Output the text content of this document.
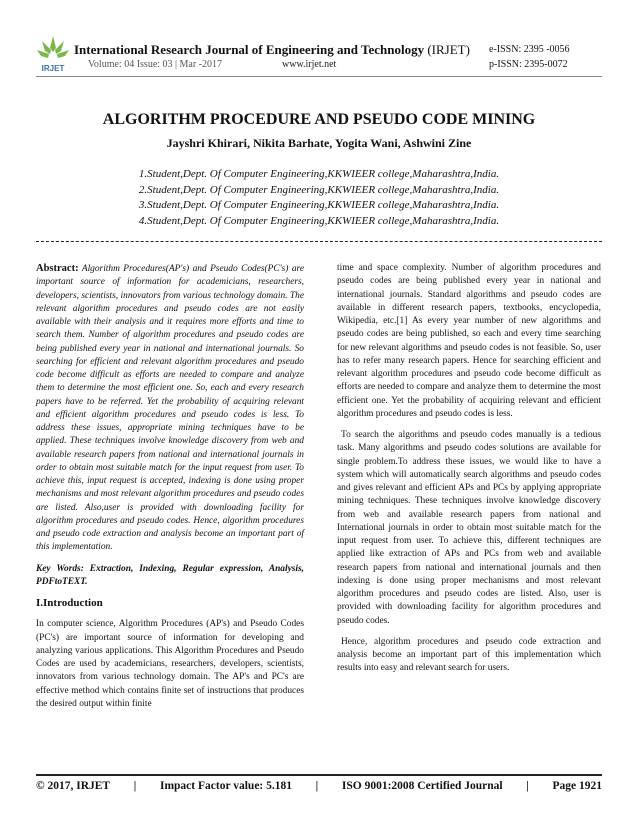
IRJET
International Research Journal of Engineering and Technology (IRJET)
Volume: 04 Issue: 03 | Mar -2017	www.irjet.net
e-ISSN: 2395 -0056
p-ISSN: 2395-0072
ALGORITHM PROCEDURE AND PSEUDO CODE MINING
Jayshri Khirari, Nikita Barhate, Yogita Wani, Ashwini Zine
1.Student,Dept. Of Computer Engineering,KKWIEER college,Maharashtra,India.
2.Student,Dept. Of Computer Engineering,KKWIEER college,Maharashtra,India.
3.Student,Dept. Of Computer Engineering,KKWIEER college,Maharashtra,India.
4.Student,Dept. Of Computer Engineering,KKWIEER college,Maharashtra,India.

Abstract: Algorithm Procedures(AP's) and Pseudo Codes(PC's) are important source of information for academicians, researchers, developers, scientists, innovators from various technology domain. The relevant algorithm procedures and pseudo codes are not easily available with their analysis and it requires more efforts and time to search them. Number of algorithm procedures and pseudo codes are being published every year in national and international journals. So searching for efficient and relevant algorithm procedures and pseudo code become difficult as efforts are needed to compare and analyze them to determine the most efficient one. So, each and every research papers have to be referred. Yet the probability of acquiring relevant and efficient algorithm procedures and pseudo codes is less. To address these issues, appropriate mining techniques have to be applied. These techniques involve knowledge discovery from web and available research papers from national and international journals in order to obtain most suitable match for the input request from user. To achieve this, input request is accepted, indexing is done using proper mechanisms and most relevant algorithm procedures and pseudo codes are listed. Also,user is provided with downloading facility for algorithm procedures and pseudo codes. Hence, algorithm procedures and pseudo code extraction and analysis become an important part of this implementation.

Key Words: Extraction, Indexing, Regular expression, Analysis, PDFtoTEXT.

I.Introduction

In computer science, Algorithm Procedures (AP's) and Pseudo Codes (PC's) are important source of information for developing and analyzing various applications. This Algorithm Procedures and Pseudo Codes are used by academicians, researchers, developers, scientists, innovators from various technology domain. The AP's and PC's are effective method which contains finite set of instructions that produces the desired output within finite

time and space complexity. Number of algorithm procedures and pseudo codes are being published every year in national and international journals. Standard algorithms and pseudo codes are available in different research papers, textbooks, encyclopedia, Wikipedia, etc.[1] As every year number of new algorithms and pseudo codes are being published, so each and every time searching for new relevant algorithms and pseudo codes is not feasible. So, user has to refer many research papers. Hence for searching efficient and relevant algorithm procedures and pseudo code become difficult as efforts are needed to compare and analyze them to determine the most efficient one. Yet the probability of acquiring relevant and efficient algorithm procedures and pseudo codes is less.

To search the algorithms and pseudo codes manually is a tedious task. Many algorithms and pseudo codes solutions are available for single problem.To address these issues, we would like to have a system which will automatically search algorithms and pseudo codes and gives relevant and efficient APs and PCs by applying appropriate mining techniques. These techniques involve knowledge discovery from web and available research papers from national and International journals in order to obtain most suitable match for the input request from user. To achieve this, different techniques are applied like extraction of APs and PCs from web and available research papers from national and international journals and then indexing is done using proper mechanisms and most relevant algorithm procedures and pseudo codes are listed. Also, user is provided with downloading facility for algorithm procedures and pseudo codes.

Hence, algorithm procedures and pseudo code extraction and analysis become an important part of this implementation which results into easy and relevant search for users.

© 2017, IRJET | Impact Factor value: 5.181 | ISO 9001:2008 Certified Journal | Page 1921
